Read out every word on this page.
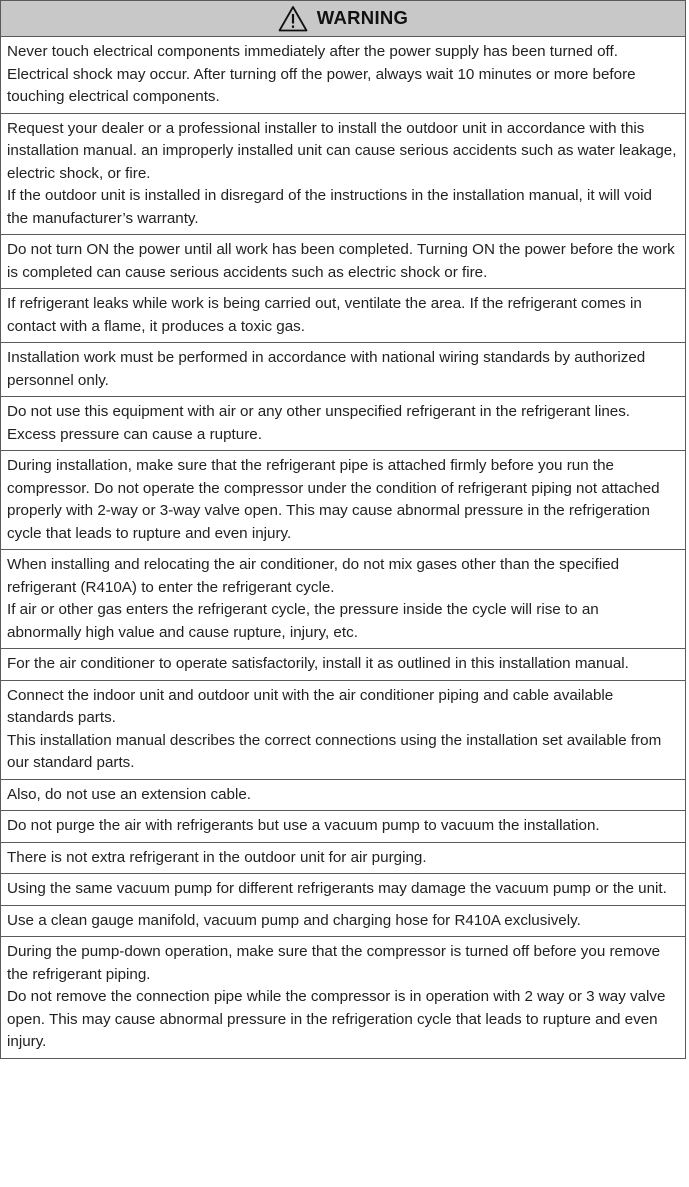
WARNING
Never touch electrical components immediately after the power supply has been turned off. Electrical shock may occur. After turning off the power, always wait 10 minutes or more before touching electrical components.
Request your dealer or a professional installer to install the outdoor unit in accordance with this installation manual. an improperly installed unit can cause serious accidents such as water leakage, electric shock, or fire.
If the outdoor unit is installed in disregard of the instructions in the installation manual, it will void the manufacturer’s warranty.
Do not turn ON the power until all work has been completed. Turning ON the power before the work is completed can cause serious accidents such as electric shock or fire.
If refrigerant leaks while work is being carried out, ventilate the area. If the refrigerant comes in contact with a flame, it produces a toxic gas.
Installation work must be performed in accordance with national wiring standards by authorized personnel only.
Do not use this equipment with air or any other unspecified refrigerant in the refrigerant lines.
Excess pressure can cause a rupture.
During installation, make sure that the refrigerant pipe is attached firmly before you run the compressor. Do not operate the compressor under the condition of refrigerant piping not attached properly with 2-way or 3-way valve open. This may cause abnormal pressure in the refrigeration cycle that leads to rupture and even injury.
When installing and relocating the air conditioner, do not mix gases other than the specified refrigerant (R410A) to enter the refrigerant cycle.
If air or other gas enters the refrigerant cycle, the pressure inside the cycle will rise to an abnormally high value and cause rupture, injury, etc.
For the air conditioner to operate satisfactorily, install it as outlined in this installation manual.
Connect the indoor unit and outdoor unit with the air conditioner piping and cable available standards parts.
This installation manual describes the correct connections using the installation set available from our standard parts.
Also, do not use an extension cable.
Do not purge the air with refrigerants but use a vacuum pump to vacuum the installation.
There is not extra refrigerant in the outdoor unit for air purging.
Using the same vacuum pump for different refrigerants may damage the vacuum pump or the unit.
Use a clean gauge manifold, vacuum pump and charging hose for R410A exclusively.
During the pump-down operation, make sure that the compressor is turned off before you remove the refrigerant piping.
Do not remove the connection pipe while the compressor is in operation with 2 way or 3 way valve open. This may cause abnormal pressure in the refrigeration cycle that leads to rupture and even injury.
